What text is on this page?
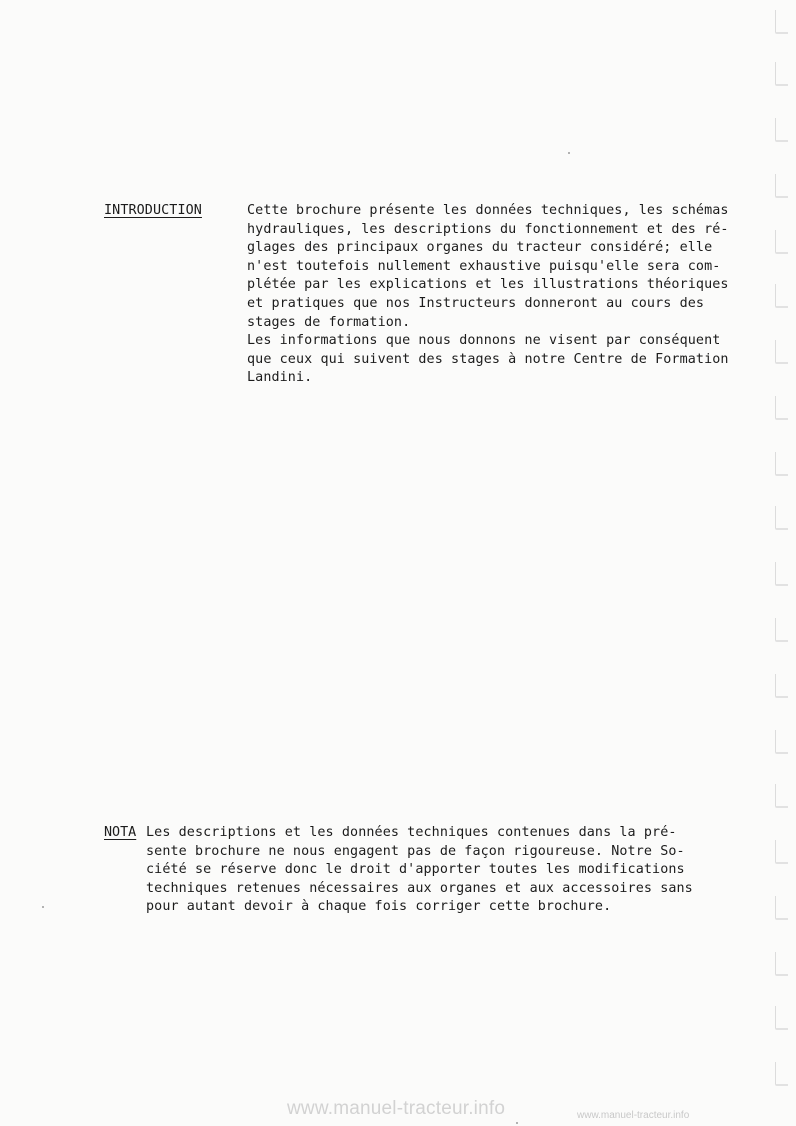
INTRODUCTION	Cette brochure présente les données techniques, les schémas
hydrauliques, les descriptions du fonctionnement et des ré-
glages des principaux organes du tracteur considéré; elle
n'est toutefois nullement exhaustive puisqu'elle sera com-
plétée par les explications et les illustrations théoriques
et pratiques que nos Instructeurs donneront au cours des
stages de formation.
Les informations que nous donnons ne visent par conséquent
que ceux qui suivent des stages à notre Centre de Formation
Landini.
NOTA Les descriptions et les données techniques contenues dans la pré-
sente brochure ne nous engagent pas de façon rigoureuse. Notre So-
ciété se réserve donc le droit d'apporter toutes les modifications
techniques retenues nécessaires aux organes et aux accessoires sans
pour autant devoir à chaque fois corriger cette brochure.
www.manuel-tracteur.info	www.manuel-tracteur.info
